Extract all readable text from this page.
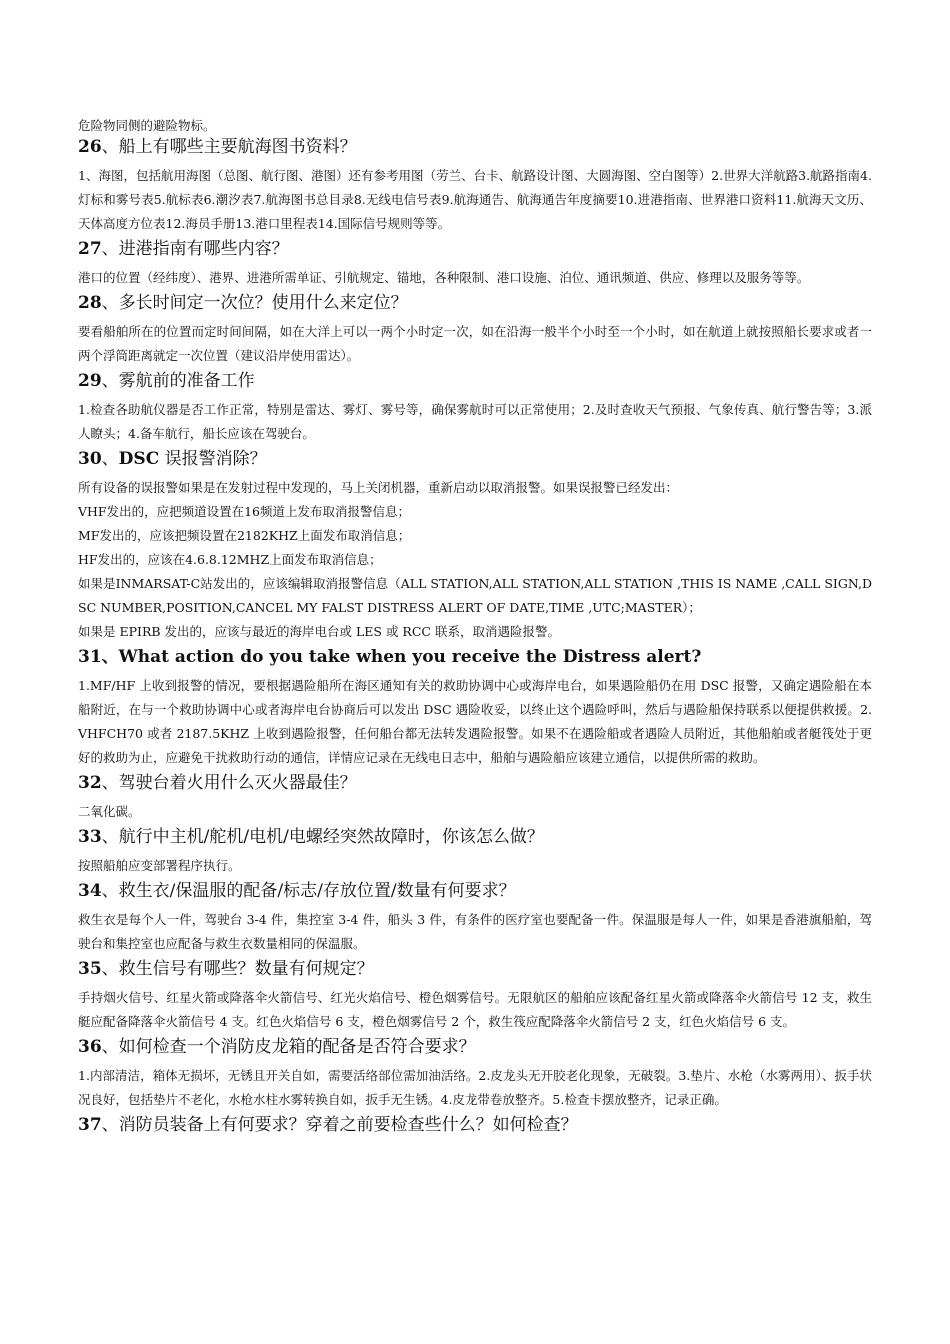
危险物同侧的避险物标。

26、船上有哪些主要航海图书资料？

1、海图，包括航用海图（总图、航行图、港图）还有参考用图（劳兰、台卡、航路设计图、大圆海图、空白图等）2.世界大洋航路3.航路指南4.灯标和雾号表5.航标表6.潮汐表7.航海图书总目录8.无线电信号表9.航海通告、航海通告年度摘要10.进港指南、世界港口资料11.航海天文历、天体高度方位表12.海员手册13.港口里程表14.国际信号规则等等。

27、进港指南有哪些内容？

港口的位置（经纬度）、港界、进港所需单证、引航规定、锚地，各种限制、港口设施、泊位、通讯频道、供应、修理以及服务等等。

28、多长时间定一次位？使用什么来定位？

要看船舶所在的位置而定时间间隔，如在大洋上可以一两个小时定一次，如在沿海一般半个小时至一个小时，如在航道上就按照船长要求或者一两个浮筒距离就定一次位置（建议沿岸使用雷达）。

29、雾航前的准备工作

1.检查各助航仪器是否工作正常，特别是雷达、雾灯、雾号等，确保雾航时可以正常使用；2.及时查收天气预报、气象传真、航行警告等；3.派人瞭头；4.备车航行，船长应该在驾驶台。

30、DSC 误报警消除？

所有设备的误报警如果是在发射过程中发现的，马上关闭机器，重新启动以取消报警。如果误报警已经发出：

VHF发出的，应把频道设置在16频道上发布取消报警信息；

MF发出的，应该把频设置在2182KHZ上面发布取消信息；

HF发出的，应该在4.6.8.12MHZ上面发布取消信息；

如果是INMARSAT-C站发出的，应该编辑取消报警信息（ALL STATION,ALL STATION,ALL STATION ,THIS IS NAME ,CALL SIGN,DSC NUMBER,POSITION,CANCEL MY FALST DISTRESS ALERT OF DATE,TIME ,UTC;MASTER）；

如果是 EPIRB 发出的，应该与最近的海岸电台或 LES 或 RCC 联系，取消遇险报警。

31、What action do you take when you receive the Distress alert?

1.MF/HF 上收到报警的情况，要根据遇险船所在海区通知有关的救助协调中心或海岸电台，如果遇险船仍在用 DSC 报警，又确定遇险船在本船附近，在与一个救助协调中心或者海岸电台协商后可以发出 DSC 遇险收妥，以终止这个遇险呼叫，然后与遇险船保持联系以便提供救援。2.VHFCH70 或者 2187.5KHZ 上收到遇险报警，任何船台都无法转发遇险报警。如果不在遇险船或者遇险人员附近，其他船舶或者艇筏处于更好的救助为止，应避免干扰救助行动的通信，详情应记录在无线电日志中，船舶与遇险船应该建立通信，以提供所需的救助。

32、驾驶台着火用什么灭火器最佳？

二氧化碳。

33、航行中主机/舵机/电机/电螺经突然故障时，你该怎么做？

按照船舶应变部署程序执行。

34、救生衣/保温服的配备/标志/存放位置/数量有何要求？

救生衣是每个人一件，驾驶台 3-4 件，集控室 3-4 件，船头 3 件，有条件的医疗室也要配备一件。保温服是每人一件，如果是香港旗船舶，驾驶台和集控室也应配备与救生衣数量相同的保温服。

35、救生信号有哪些？数量有何规定？

手持烟火信号、红星火箭或降落伞火箭信号、红光火焰信号、橙色烟雾信号。无限航区的船舶应该配备红星火箭或降落伞火箭信号 12 支，救生艇应配备降落伞火箭信号 4 支。红色火焰信号 6 支，橙色烟雾信号 2 个，救生筏应配降落伞火箭信号 2 支，红色火焰信号 6 支。

36、如何检查一个消防皮龙箱的配备是否符合要求？

1.内部清洁，箱体无损坏，无锈且开关自如，需要活络部位需加油活络。2.皮龙头无开胶老化现象，无破裂。3.垫片、水枪（水雾两用）、扳手状况良好，包括垫片不老化，水枪水柱水雾转换自如，扳手无生锈。4.皮龙带卷放整齐。5.检查卡摆放整齐，记录正确。

37、消防员装备上有何要求？穿着之前要检查些什么？如何检查？
